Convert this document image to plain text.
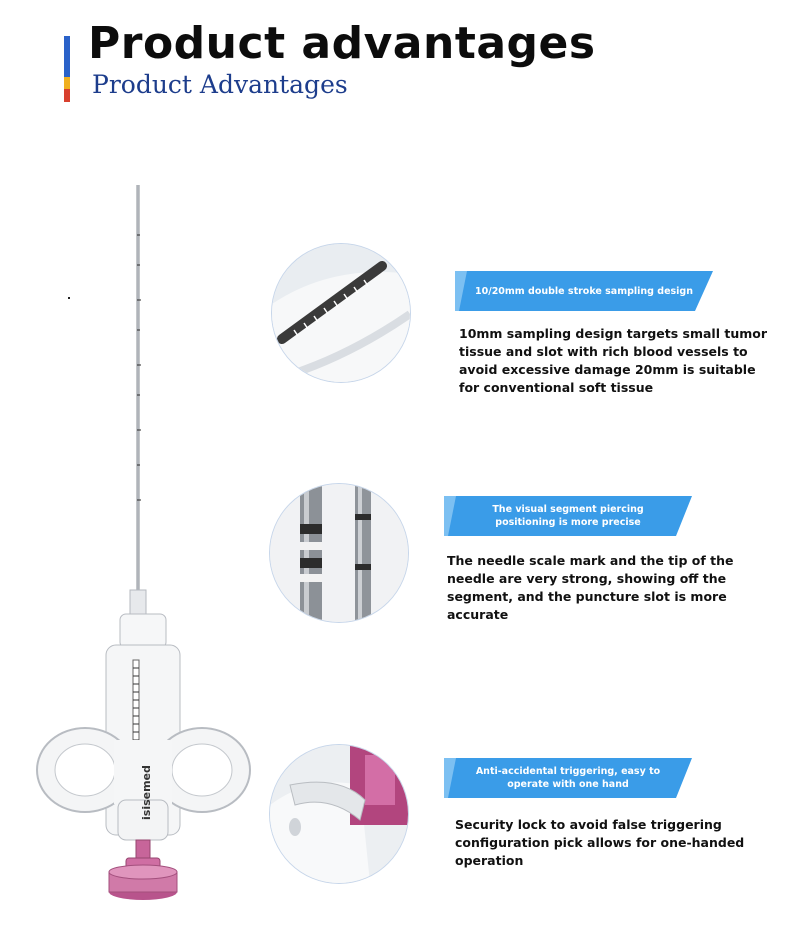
Product advantages
Product Advantages
isisemed
10/20mm double stroke sampling design
10mm sampling design targets small tumor tissue and slot with rich blood vessels to avoid excessive damage 20mm is suitable for conventional soft tissue
The visual segment piercing positioning is more precise
The needle scale mark and the tip of the needle are very strong, showing off the segment, and the puncture slot is more accurate
Anti-accidental triggering, easy to operate with one hand
Security lock to avoid false triggering configuration pick allows for one-handed operation
